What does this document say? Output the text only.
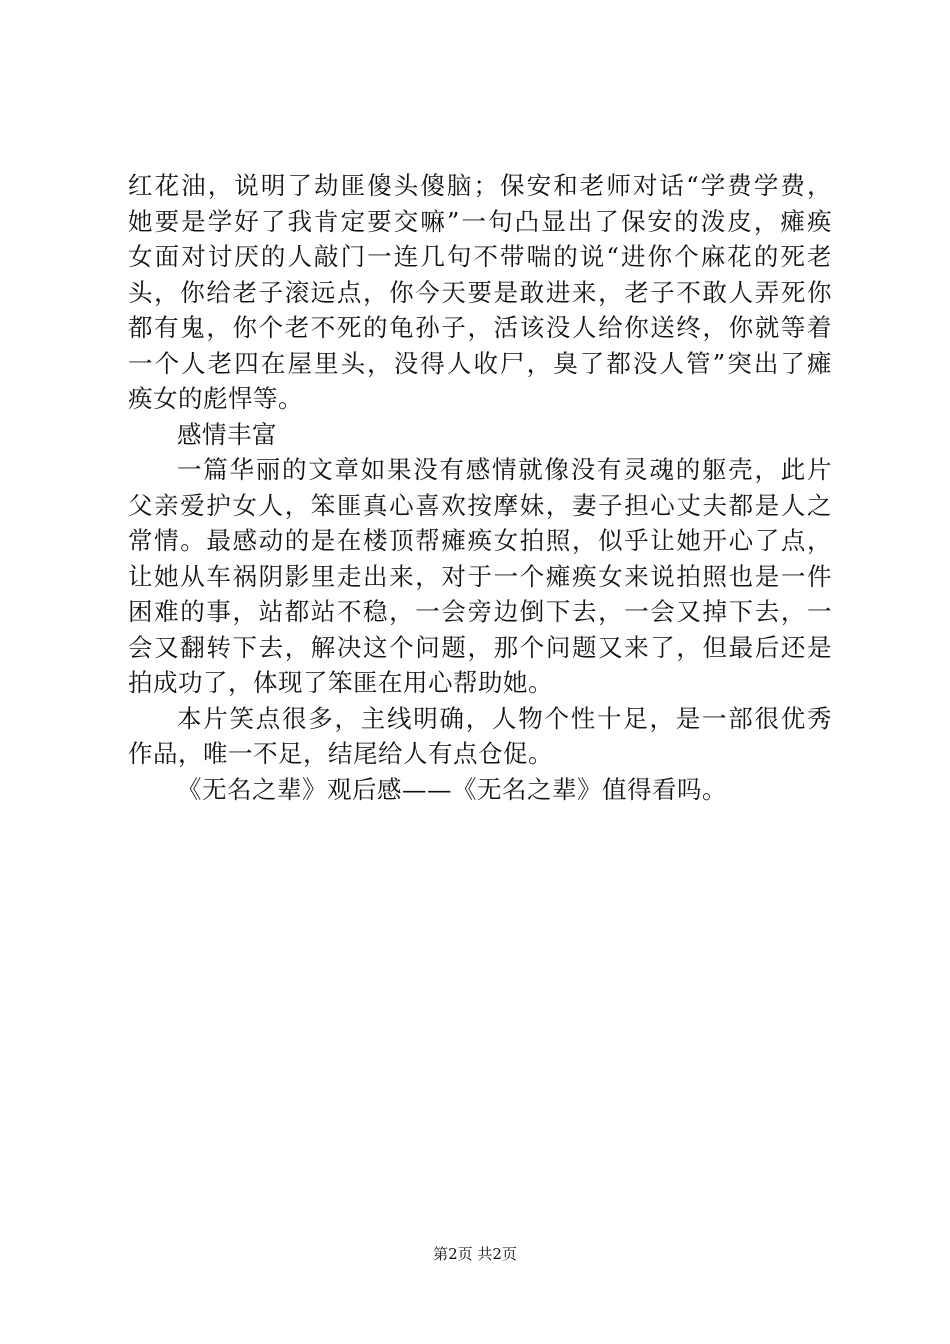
红花油，说明了劫匪傻头傻脑；保安和老师对话“学费学费，
她要是学好了我肯定要交嘛”一句凸显出了保安的泼皮，瘫痪
女面对讨厌的人敲门一连几句不带喘的说“进你个麻花的死老
头，你给老子滚远点，你今天要是敢进来，老子不敢人弄死你
都有鬼，你个老不死的龟孙子，活该没人给你送终，你就等着
一个人老四在屋里头，没得人收尸，臭了都没人管”突出了瘫
痪女的彪悍等。
感情丰富
一篇华丽的文章如果没有感情就像没有灵魂的躯壳，此片
父亲爱护女人，笨匪真心喜欢按摩妹，妻子担心丈夫都是人之
常情。最感动的是在楼顶帮瘫痪女拍照，似乎让她开心了点，
让她从车祸阴影里走出来，对于一个瘫痪女来说拍照也是一件
困难的事，站都站不稳，一会旁边倒下去，一会又掉下去，一
会又翻转下去，解决这个问题，那个问题又来了，但最后还是
拍成功了，体现了笨匪在用心帮助她。
本片笑点很多，主线明确，人物个性十足，是一部很优秀
作品，唯一不足，结尾给人有点仓促。
《无名之辈》观后感——《无名之辈》值得看吗。
第2页 共2页
